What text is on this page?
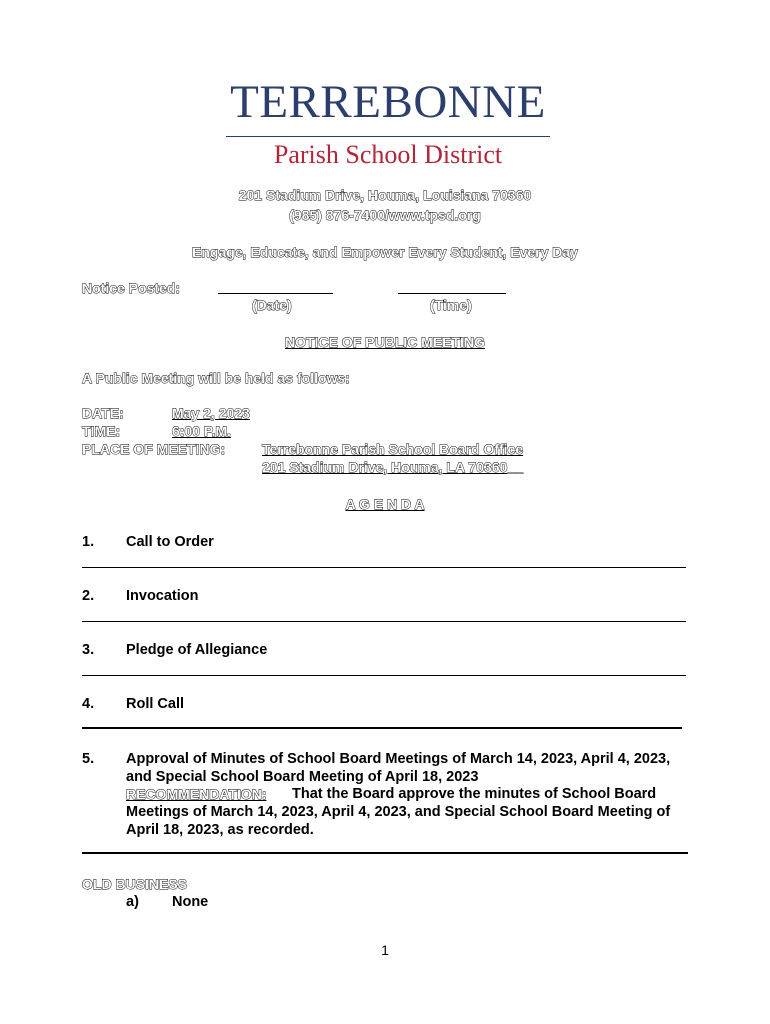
TERREBONNE
Parish School District
201 Stadium Drive, Houma, Louisiana 70360
(985) 876-7400/www.tpsd.org
Engage, Educate, and Empower Every Student, Every Day
Notice Posted:
(Date)	(Time)
NOTICE OF PUBLIC MEETING
A Public Meeting will be held as follows:
DATE:	May 2, 2023
TIME:	6:00 P.M.
PLACE OF MEETING:	Terrebonne Parish School Board Office
201 Stadium Drive, Houma, LA 70360__
A G E N D A
1. Call to Order
2. Invocation
3. Pledge of Allegiance
4. Roll Call
5. Approval of Minutes of School Board Meetings of March 14, 2023, April 4, 2023,
and Special School Board Meeting of April 18, 2023
RECOMMENDATION: That the Board approve the minutes of School Board
Meetings of March 14, 2023, April 4, 2023, and Special School Board Meeting of
April 18, 2023, as recorded.
OLD BUSINESS
a) None
1
